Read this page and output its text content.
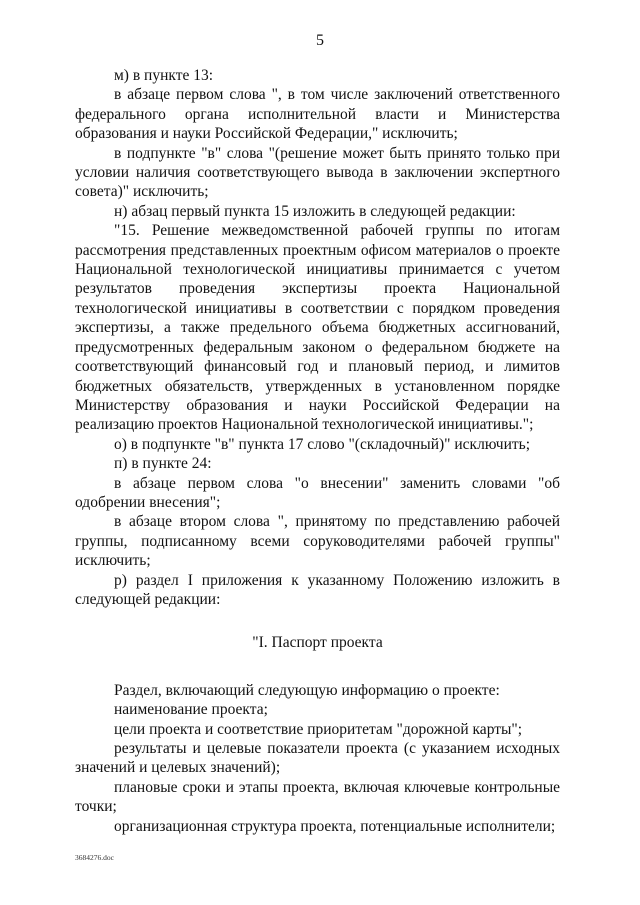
5

м) в пункте 13:

в абзаце первом слова ", в том числе заключений ответственного федерального органа исполнительной власти и Министерства образования и науки Российской Федерации," исключить;

в подпункте "в" слова "(решение может быть принято только при условии наличия соответствующего вывода в заключении экспертного совета)" исключить;

н) абзац первый пункта 15 изложить в следующей редакции:

"15. Решение межведомственной рабочей группы по итогам рассмотрения представленных проектным офисом материалов о проекте Национальной технологической инициативы принимается с учетом результатов проведения экспертизы проекта Национальной технологической инициативы в соответствии с порядком проведения экспертизы, а также предельного объема бюджетных ассигнований, предусмотренных федеральным законом о федеральном бюджете на соответствующий финансовый год и плановый период, и лимитов бюджетных обязательств, утвержденных в установленном порядке Министерству образования и науки Российской Федерации на реализацию проектов Национальной технологической инициативы.";

о) в подпункте "в" пункта 17 слово "(складочный)" исключить;

п) в пункте 24:

в абзаце первом слова "о внесении" заменить словами "об одобрении внесения";

в абзаце втором слова ", принятому по представлению рабочей группы, подписанному всеми соруководителями рабочей группы" исключить;

р) раздел I приложения к указанному Положению изложить в следующей редакции:

"I. Паспорт проекта

Раздел, включающий следующую информацию о проекте:

наименование проекта;

цели проекта и соответствие приоритетам "дорожной карты";

результаты и целевые показатели проекта (с указанием исходных значений и целевых значений);

плановые сроки и этапы проекта, включая ключевые контрольные точки;

организационная структура проекта, потенциальные исполнители;

3684276.doc
